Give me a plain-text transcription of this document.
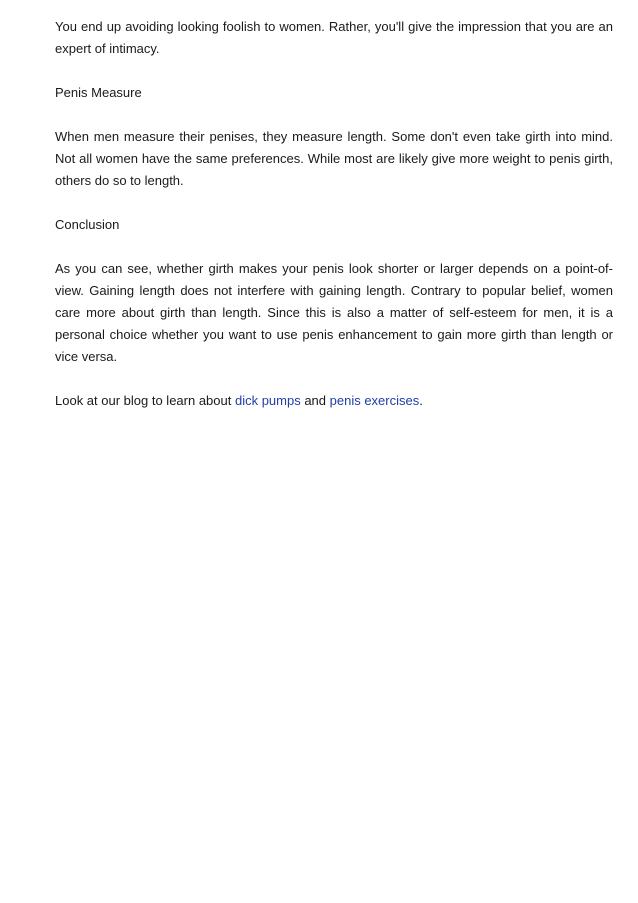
You end up avoiding looking foolish to women. Rather, you'll give the impression that you are an expert of intimacy.

Penis Measure

When men measure their penises, they measure length. Some don't even take girth into mind. Not all women have the same preferences. While most are likely give more weight to penis girth, others do so to length.

Conclusion

As you can see, whether girth makes your penis look shorter or larger depends on a point-of-view. Gaining length does not interfere with gaining length. Contrary to popular belief, women care more about girth than length. Since this is also a matter of self-esteem for men, it is a personal choice whether you want to use penis enhancement to gain more girth than length or vice versa.

Look at our blog to learn about dick pumps and penis exercises.
